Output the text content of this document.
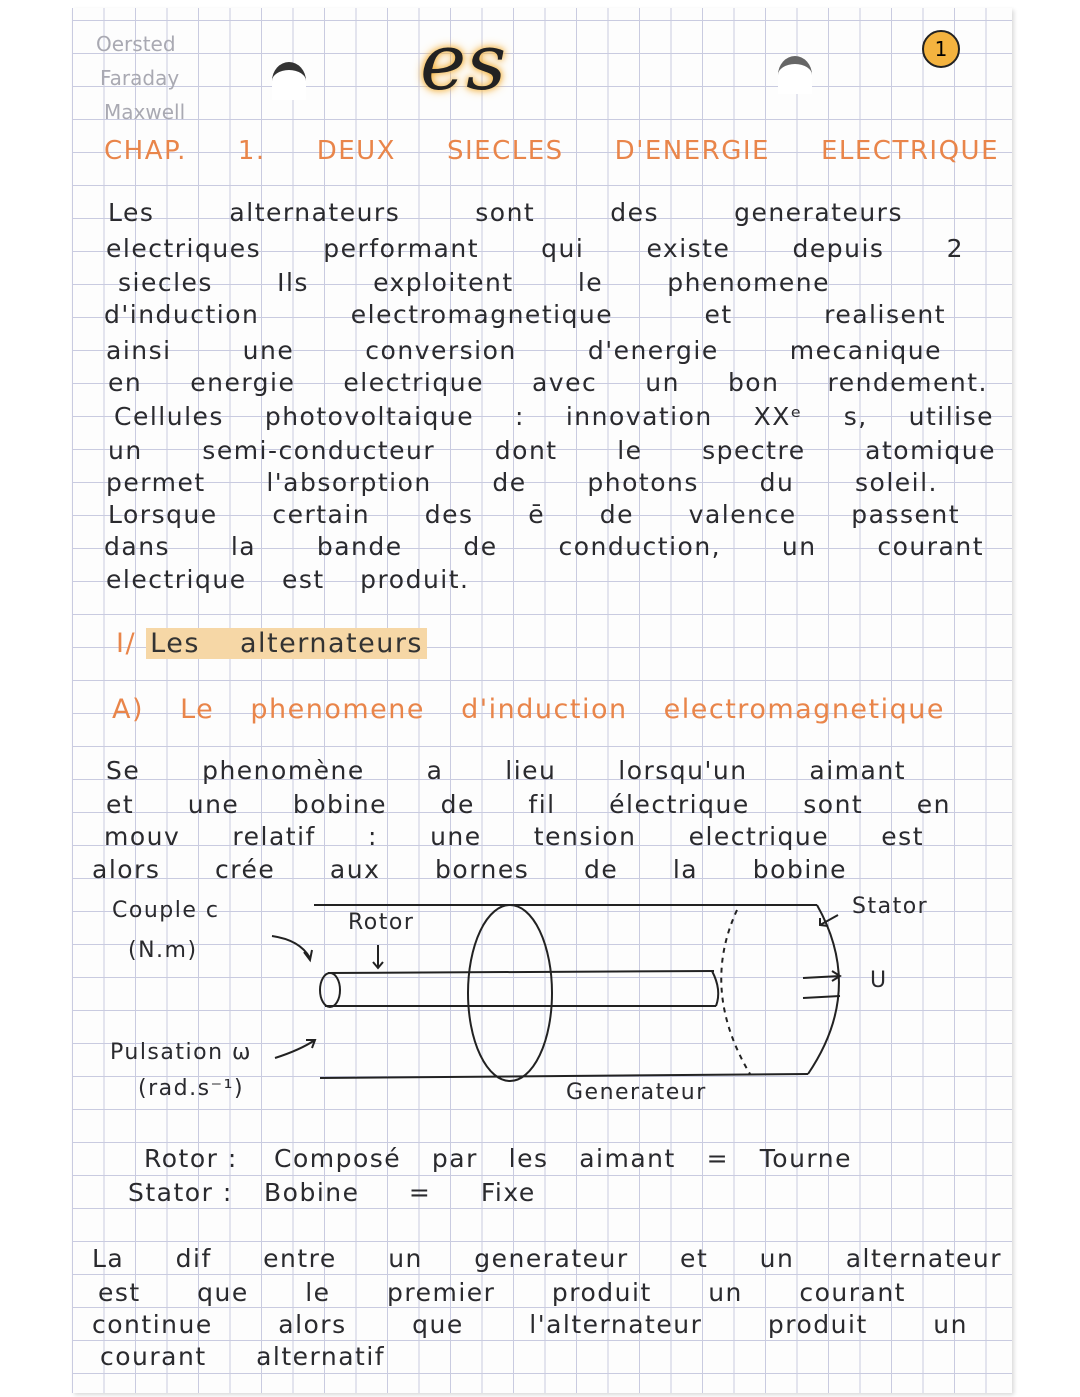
Oersted
Faraday
Maxwell
es	1
CHAP. 1. DEUX SIECLES D'ENERGIE ELECTRIQUE
Les alternateurs sont des generateurs
electriques performant qui existe depuis 2
siecles Ils exploitent le phenomene
d'induction electromagnetique et realisent
ainsi une conversion d'energie mecanique
en energie electrique avec un bon rendement.
Cellules photovoltaique : innovation XXᵉ s, utilise
un semi-conducteur dont le spectre atomique
permet l'absorption de photons du soleil.
Lorsque certain des ē de valence passent
dans la bande de conduction, un courant
electrique est produit.
I/ Les alternateurs
A) Le phenomene d'induction electromagnetique
Se phenomène a lieu lorsqu'un aimant
et une bobine de fil électrique sont en
mouv relatif : une tension electrique est
alors crée aux bornes de la bobine
Couple c
(N.m)
Rotor
Stator
U
Pulsation ω
(rad.s⁻¹)	Generateur
Rotor : Composé par les aimant = Tourne
Stator : Bobine = Fixe
La dif entre un generateur et un alternateur
est que le premier produit un courant
continue alors que l'alternateur produit un
courant alternatif
